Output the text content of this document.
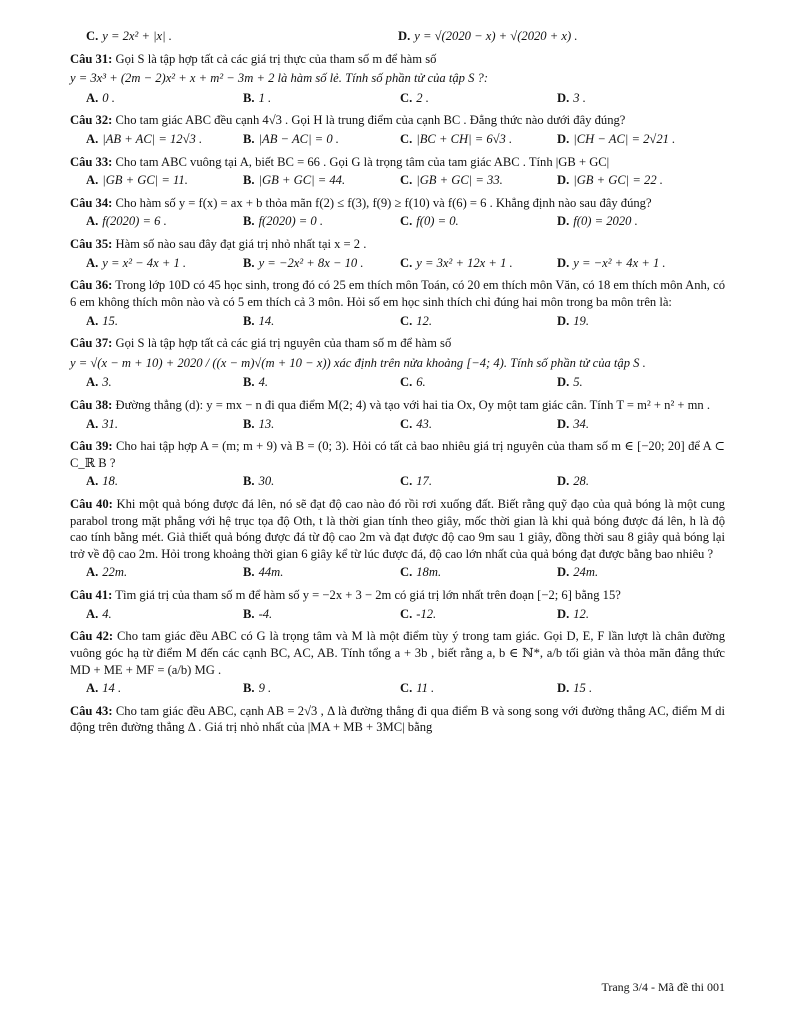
C. y = 2x² + |x| .	D. y = √(2020 − x) + √(2020 + x) .

Câu 31: Gọi S là tập hợp tất cả các giá trị thực của tham số m để hàm số

y = 3x³ + (2m − 2)x² + x + m² − 3m + 2 là hàm số lẻ. Tính số phần tử của tập S ?:
A. 0 .	B. 1 .	C. 2 .	D. 3 .

Câu 32: Cho tam giác ABC đều cạnh 4√3 . Gọi H là trung điểm của cạnh BC . Đẳng thức nào dưới đây đúng?

A. |AB + AC| = 12√3 .	B. |AB − AC| = 0 .	C. |BC + CH| = 6√3 .	D. |CH − AC| = 2√21 .

Câu 33: Cho tam ABC vuông tại A, biết BC = 66 . Gọi G là trọng tâm của tam giác ABC . Tính |GB + GC|

A. |GB + GC| = 11.	B. |GB + GC| = 44.	C. |GB + GC| = 33.	D. |GB + GC| = 22 .

Câu 34: Cho hàm số y = f(x) = ax + b thỏa mãn f(2) ≤ f(3), f(9) ≥ f(10) và f(6) = 6 . Khẳng định nào sau đây đúng?

A. f(2020) = 6 .	B. f(2020) = 0 .	C. f(0) = 0.	D. f(0) = 2020 .

Câu 35: Hàm số nào sau đây đạt giá trị nhỏ nhất tại x = 2 .

A. y = x² − 4x + 1 .	B. y = −2x² + 8x − 10 .	C. y = 3x² + 12x + 1 .	D. y = −x² + 4x + 1 .

Câu 36: Trong lớp 10D có 45 học sinh, trong đó có 25 em thích môn Toán, có 20 em thích môn Văn, có 18 em thích môn Anh, có 6 em không thích môn nào và có 5 em thích cả 3 môn. Hỏi số em học sinh thích chỉ đúng hai môn trong ba môn trên là:

A. 15.	B. 14.	C. 12.	D. 19.

Câu 37: Gọi S là tập hợp tất cả các giá trị nguyên của tham số m để hàm số

y = √(x − m + 10) + 2020 / ((x − m)√(m + 10 − x)) xác định trên nửa khoảng [−4; 4). Tính số phần tử của tập S .
A. 3.	B. 4.	C. 6.	D. 5.

Câu 38: Đường thẳng (d): y = mx − n đi qua điểm M(2; 4) và tạo với hai tia Ox, Oy một tam giác cân. Tính T = m² + n² + mn .

A. 31.	B. 13.	C. 43.	D. 34.

Câu 39: Cho hai tập hợp A = (m; m + 9) và B = (0; 3). Hỏi có tất cả bao nhiêu giá trị nguyên của tham số m ∈ [−20; 20] để A ⊂ C_ℝ B ?

A. 18.	B. 30.	C. 17.	D. 28.

Câu 40: Khi một quả bóng được đá lên, nó sẽ đạt độ cao nào đó rồi rơi xuống đất. Biết rằng quỹ đạo của quả bóng là một cung parabol trong mặt phẳng với hệ trục tọa độ Oth, t là thời gian tính theo giây, mốc thời gian là khi quả bóng được đá lên, h là độ cao tính bằng mét. Giả thiết quả bóng được đá từ độ cao 2m và đạt được độ cao 9m sau 1 giây, đồng thời sau 8 giây quả bóng lại trở về độ cao 2m. Hỏi trong khoảng thời gian 6 giây kể từ lúc được đá, độ cao lớn nhất của quả bóng đạt được bằng bao nhiêu ?

A. 22m.	B. 44m.	C. 18m.	D. 24m.

Câu 41: Tìm giá trị của tham số m để hàm số y = −2x + 3 − 2m có giá trị lớn nhất trên đoạn [−2; 6] bằng 15?

A. 4.	B. -4.	C. -12.	D. 12.

Câu 42: Cho tam giác đều ABC có G là trọng tâm và M là một điểm tùy ý trong tam giác. Gọi D, E, F lần lượt là chân đường vuông góc hạ từ điểm M đến các cạnh BC, AC, AB. Tính tổng a + 3b , biết rằng a, b ∈ ℕ*, a/b tối giản và thỏa mãn đẳng thức MD + ME + MF = (a/b) MG .

A. 14 .	B. 9 .	C. 11 .	D. 15 .

Câu 43: Cho tam giác đều ABC, cạnh AB = 2√3 , Δ là đường thẳng đi qua điểm B và song song với đường thẳng AC, điểm M di động trên đường thẳng Δ . Giá trị nhỏ nhất của |MA + MB + 3MC| bằng

Trang 3/4 - Mã đề thi 001
